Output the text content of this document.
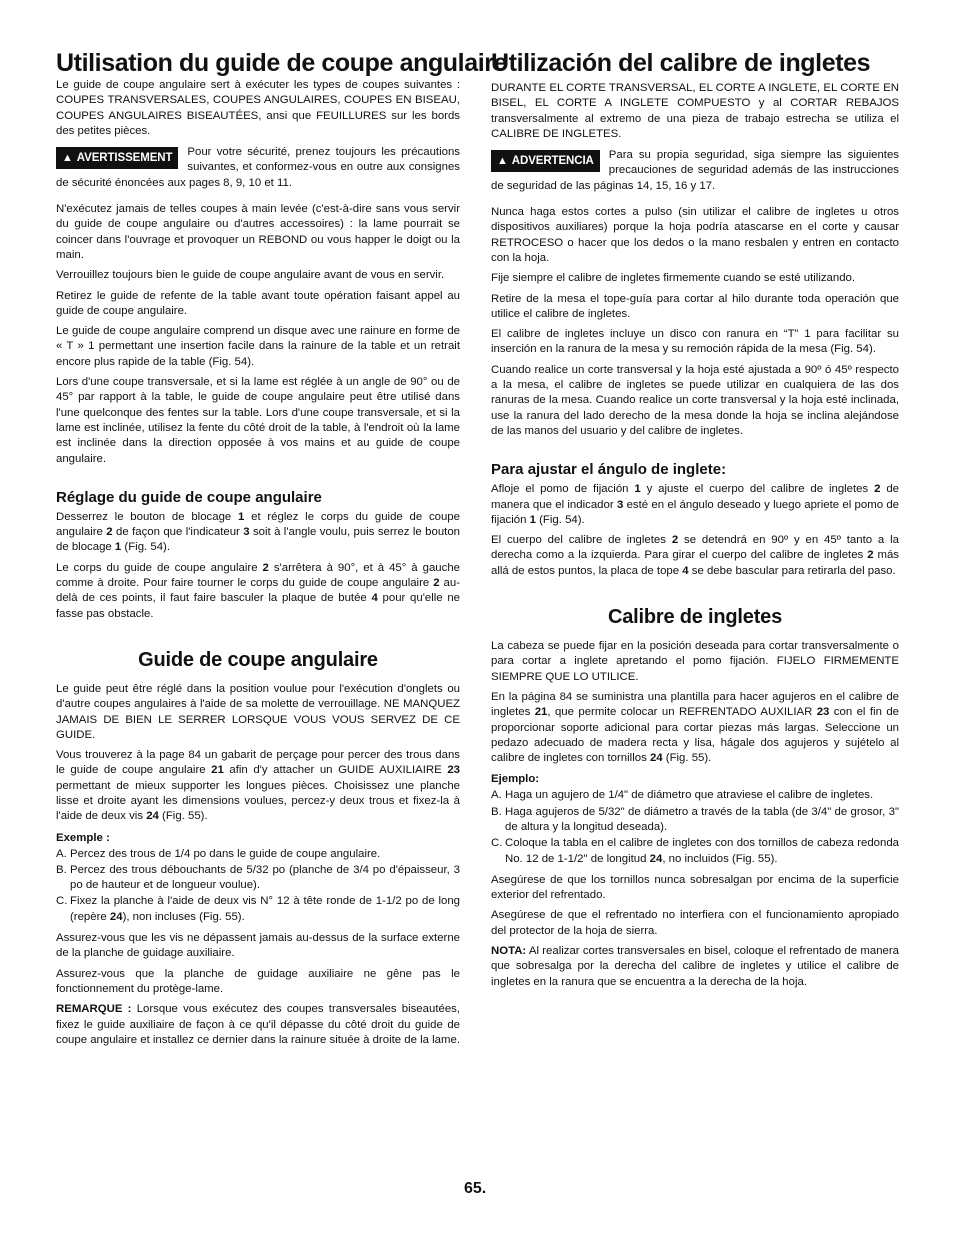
Utilisation du guide de coupe angulaire

Le guide de coupe angulaire sert à exécuter les types de coupes suivantes : COUPES TRANSVERSALES, COUPES ANGULAIRES, COUPES EN BISEAU, COUPES ANGULAIRES BISEAUTÉES, ansi que FEUILLURES sur les bords des petites pièces.

▲ AVERTISSEMENT	Pour votre sécurité, prenez toujours les précautions suivantes, et conformez-vous en outre aux consignes de sécurité énoncées aux pages 8, 9, 10 et 11.

N'exécutez jamais de telles coupes à main levée (c'est-à-dire sans vous servir du guide de coupe angulaire ou d'autres accessoires) : la lame pourrait se coincer dans l'ouvrage et provoquer un REBOND ou vous happer le doigt ou la main.

Verrouillez toujours bien le guide de coupe angulaire avant de vous en servir.

Retirez le guide de refente de la table avant toute opération faisant appel au guide de coupe angulaire.

Le guide de coupe angulaire comprend un disque avec une rainure en forme de « T » 1 permettant une insertion facile dans la rainure de la table et un retrait encore plus rapide de la table (Fig. 54).

Lors d'une coupe transversale, et si la lame est réglée à un angle de 90° ou de 45° par rapport à la table, le guide de coupe angulaire peut être utilisé dans l'une quelconque des fentes sur la table. Lors d'une coupe transversale, et si la lame est inclinée, utilisez la fente du côté droit de la table, à l'endroit où la lame est inclinée dans la direction opposée à vos mains et au guide de coupe angulaire.

Réglage du guide de coupe angulaire

Desserrez le bouton de blocage 1 et réglez le corps du guide de coupe angulaire 2 de façon que l'indicateur 3 soit à l'angle voulu, puis serrez le bouton de blocage 1 (Fig. 54).

Le corps du guide de coupe angulaire 2 s'arrêtera à 90°, et à 45° à gauche comme à droite. Pour faire tourner le corps du guide de coupe angulaire 2 au-delà de ces points, il faut faire basculer la plaque de butée 4 pour qu'elle ne fasse pas obstacle.

Guide de coupe angulaire

Le guide peut être réglé dans la position voulue pour l'exécution d'onglets ou d'autre coupes angulaires à l'aide de sa molette de verrouillage. NE MANQUEZ JAMAIS DE BIEN LE SERRER LORSQUE VOUS VOUS SERVEZ DE CE GUIDE.

Vous trouverez à la page 84 un gabarit de perçage pour percer des trous dans le guide de coupe angulaire 21 afin d'y attacher un GUIDE AUXILIAIRE 23 permettant de mieux supporter les longues pièces. Choisissez une planche lisse et droite ayant les dimensions voulues, percez-y deux trous et fixez-la à l'aide de deux vis 24 (Fig. 55).

Exemple :
A. Percez des trous de 1/4 po dans le guide de coupe angulaire.
B. Percez des trous débouchants de 5/32 po (planche de 3/4 po d'épaisseur, 3 po de hauteur et de longueur voulue).
C. Fixez la planche à l'aide de deux vis N° 12 à tête ronde de 1-1/2 po de long (repère 24), non incluses (Fig. 55).

Assurez-vous que les vis ne dépassent jamais au-dessus de la surface externe de la planche de guidage auxiliaire.

Assurez-vous que la planche de guidage auxiliaire ne gêne pas le fonctionnement du protège-lame.

REMARQUE : Lorsque vous exécutez des coupes transversales biseautées, fixez le guide auxiliaire de façon à ce qu'il dépasse du côté droit du guide de coupe angulaire et installez ce dernier dans la rainure située à droite de la lame.

Utilización del calibre de ingletes

DURANTE EL CORTE TRANSVERSAL, EL CORTE A INGLETE, EL CORTE EN BISEL, EL CORTE A INGLETE COMPUESTO y al CORTAR REBAJOS transversalmente al extremo de una pieza de trabajo estrecha se utiliza el CALIBRE DE INGLETES.

▲ ADVERTENCIA	Para su propia seguridad, siga siempre las siguientes precauciones de seguridad además de las instrucciones de seguridad de las páginas 14, 15, 16 y 17.

Nunca haga estos cortes a pulso (sin utilizar el calibre de ingletes u otros dispositivos auxiliares) porque la hoja podría atascarse en el corte y causar RETROCESO o hacer que los dedos o la mano resbalen y entren en contacto con la hoja.

Fije siempre el calibre de ingletes firmemente cuando se esté utilizando.

Retire de la mesa el tope-guía para cortar al hilo durante toda operación que utilice el calibre de ingletes.

El calibre de ingletes incluye un disco con ranura en “T” 1 para facilitar su inserción en la ranura de la mesa y su remoción rápida de la mesa (Fig. 54).

Cuando realice un corte transversal y la hoja esté ajustada a 90º ó 45º respecto a la mesa, el calibre de ingletes se puede utilizar en cualquiera de las dos ranuras de la mesa. Cuando realice un corte transversal y la hoja esté inclinada, use la ranura del lado derecho de la mesa donde la hoja se inclina alejándose de las manos del usuario y del calibre de ingletes.

Para ajustar el ángulo de inglete:

Afloje el pomo de fijación 1 y ajuste el cuerpo del calibre de ingletes 2 de manera que el indicador 3 esté en el ángulo deseado y luego apriete el pomo de fijación 1 (Fig. 54).

El cuerpo del calibre de ingletes 2 se detendrá en 90º y en 45º tanto a la derecha como a la izquierda. Para girar el cuerpo del calibre de ingletes 2 más allá de estos puntos, la placa de tope 4 se debe bascular para retirarla del paso.

Calibre de ingletes

La cabeza se puede fijar en la posición deseada para cortar transversalmente o para cortar a inglete apretando el pomo fijación. FIJELO FIRMEMENTE SIEMPRE QUE LO UTILICE.

En la página 84 se suministra una plantilla para hacer agujeros en el calibre de ingletes 21, que permite colocar un REFRENTADO AUXILIAR 23 con el fin de proporcionar soporte adicional para cortar piezas más largas. Seleccione un pedazo adecuado de madera recta y lisa, hágale dos agujeros y sujételo al calibre de ingletes con tornillos 24 (Fig. 55).

Ejemplo:
A. Haga un agujero de 1/4" de diámetro que atraviese el calibre de ingletes.
B. Haga agujeros de 5/32" de diámetro a través de la tabla (de 3/4" de grosor, 3" de altura y la longitud deseada).
C. Coloque la tabla en el calibre de ingletes con dos tornillos de cabeza redonda No. 12 de 1-1/2" de longitud 24, no incluidos (Fig. 55).

Asegúrese de que los tornillos nunca sobresalgan por encima de la superficie exterior del refrentado.

Asegúrese de que el refrentado no interfiera con el funcionamiento apropiado del protector de la hoja de sierra.

NOTA: Al realizar cortes transversales en bisel, coloque el refrentado de manera que sobresalga por la derecha del calibre de ingletes y utilice el calibre de ingletes en la ranura que se encuentra a la derecha de la hoja.

65.
